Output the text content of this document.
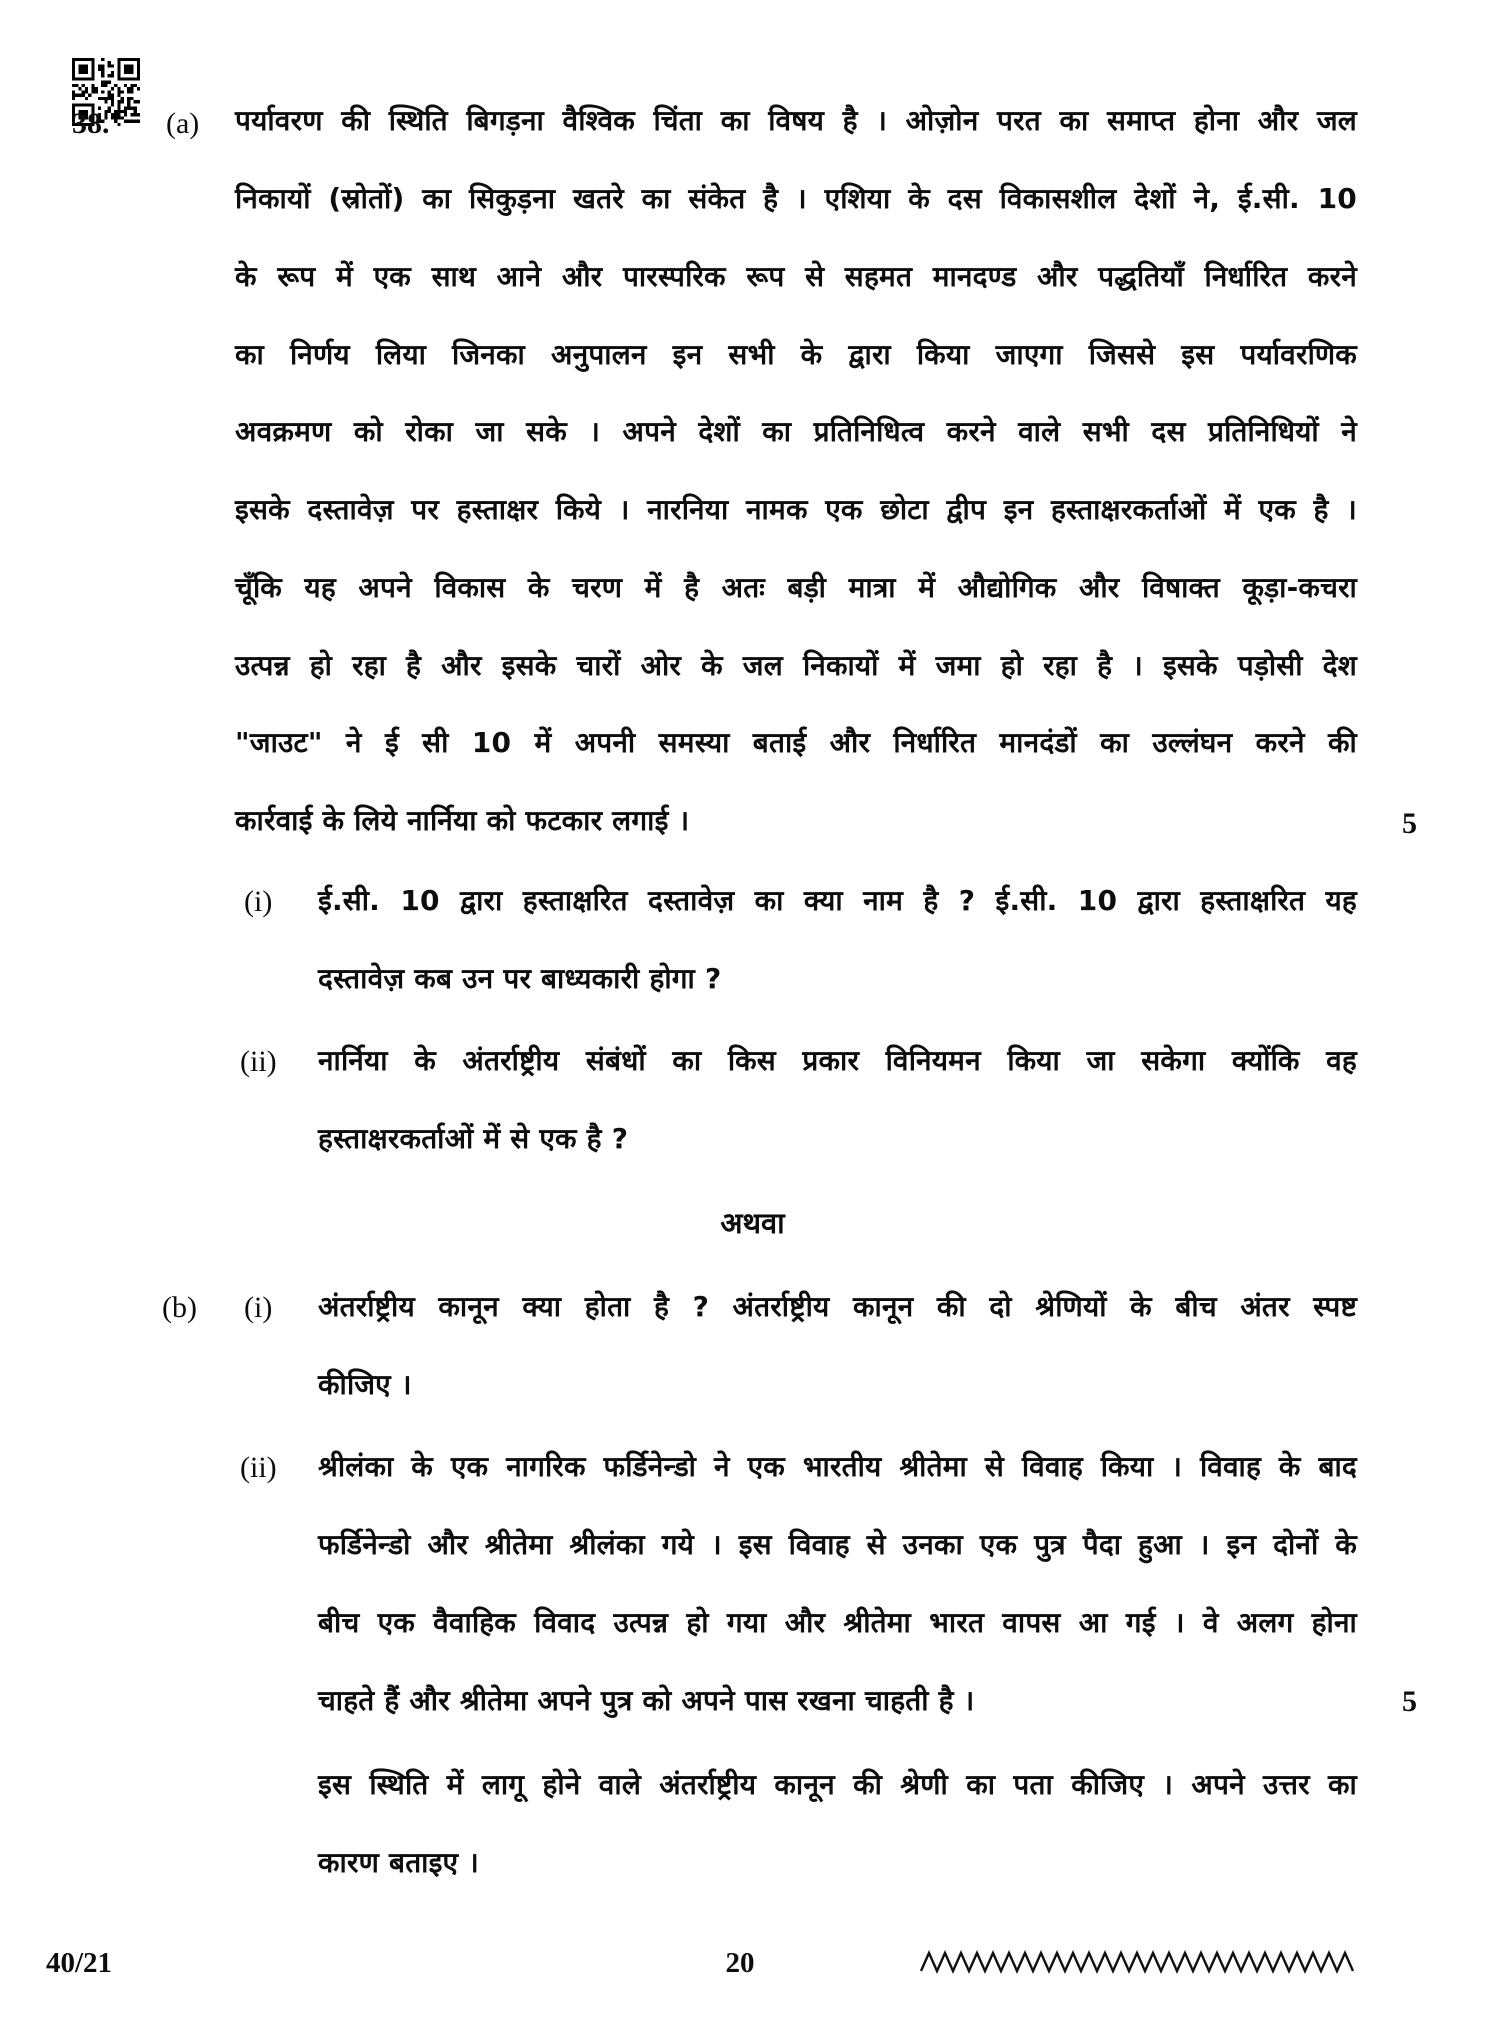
38. (a) पर्यावरण की स्थिति बिगड़ना वैश्विक चिंता का विषय है । ओज़ोन परत का समाप्त होना और जल
निकायों (स्रोतों) का सिकुड़ना खतरे का संकेत है । एशिया के दस विकासशील देशों ने, ई.सी. 10
के रूप में एक साथ आने और पारस्परिक रूप से सहमत मानदण्ड और पद्धतियाँ निर्धारित करने
का निर्णय लिया जिनका अनुपालन इन सभी के द्वारा किया जाएगा जिससे इस पर्यावरणिक
अवक्रमण को रोका जा सके । अपने देशों का प्रतिनिधित्व करने वाले सभी दस प्रतिनिधियों ने
इसके दस्तावेज़ पर हस्ताक्षर किये । नारनिया नामक एक छोटा द्वीप इन हस्ताक्षरकर्ताओं में एक है ।
चूँकि यह अपने विकास के चरण में है अतः बड़ी मात्रा में औद्योगिक और विषाक्त कूड़ा-कचरा
उत्पन्न हो रहा है और इसके चारों ओर के जल निकायों में जमा हो रहा है । इसके पड़ोसी देश
"जाउट" ने ई सी 10 में अपनी समस्या बताई और निर्धारित मानदंडों का उल्लंघन करने की
कार्रवाई के लिये नार्निया को फटकार लगाई ।	5
(i) ई.सी. 10 द्वारा हस्ताक्षरित दस्तावेज़ का क्या नाम है ? ई.सी. 10 द्वारा हस्ताक्षरित यह
दस्तावेज़ कब उन पर बाध्यकारी होगा ?
(ii) नार्निया के अंतर्राष्ट्रीय संबंधों का किस प्रकार विनियमन किया जा सकेगा क्योंकि वह
हस्ताक्षरकर्ताओं में से एक है ?
अथवा
(b) (i) अंतर्राष्ट्रीय कानून क्या होता है ? अंतर्राष्ट्रीय कानून की दो श्रेणियों के बीच अंतर स्पष्ट
कीजिए ।
(ii) श्रीलंका के एक नागरिक फर्डिनेन्डो ने एक भारतीय श्रीतेमा से विवाह किया । विवाह के बाद
फर्डिनेन्डो और श्रीतेमा श्रीलंका गये । इस विवाह से उनका एक पुत्र पैदा हुआ । इन दोनों के
बीच एक वैवाहिक विवाद उत्पन्न हो गया और श्रीतेमा भारत वापस आ गई । वे अलग होना
चाहते हैं और श्रीतेमा अपने पुत्र को अपने पास रखना चाहती है ।	5
इस स्थिति में लागू होने वाले अंतर्राष्ट्रीय कानून की श्रेणी का पता कीजिए । अपने उत्तर का
कारण बताइए ।
40/21	20
